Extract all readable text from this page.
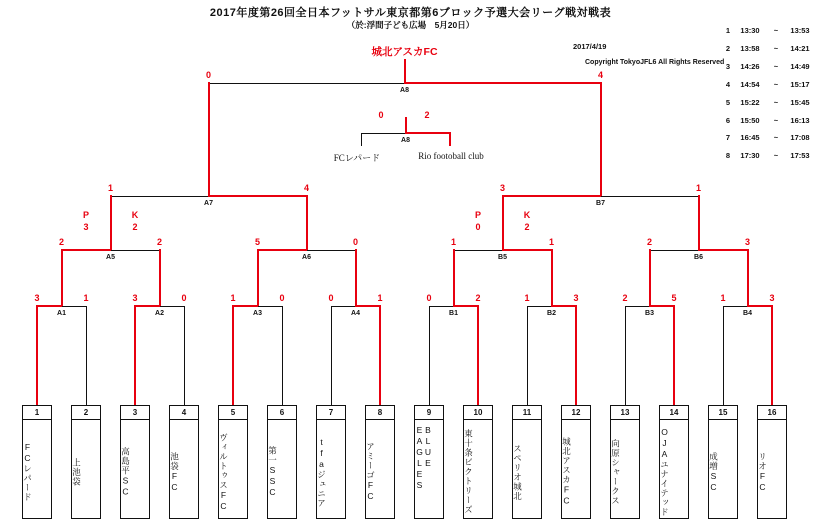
2017年度第26回全日本フットサル東京都第6ブロック予選大会リーグ戦対戦表
（於:浮間子ども広場　5月20日）
城北アスカFC	2017/4/19
Copyright TokyoJFL6 All Rights Reserved
1 13:30 ~ 13:53
2 13:58 ~ 14:21
3 14:26 ~ 14:49
4 14:54 ~ 15:17
5 15:22 ~ 15:45
6 15:50 ~ 16:13
7 16:45 ~ 17:08
8 17:30 ~ 17:53
3	1
A1
3	0
A2
1	0
A3
0	1
A4
0	2
B1
1	3
B2
2	5
B3
1	3
B4
2	2
A5
P
3
K
2
5	0
A6
1	1
B5
P
0
K
2
2	3
B6
1	4
A7
3	1
B7
0	4
A8
0	2
A8
FCレパード	Rio footoball club
1
FCレパード
2
上池袋
3
高島平SC
4
池袋FC
5
ヴィルトゥスFC
6
第一SSC
7
tfaジュニア
8
アミーゴFC
9
BLUE EAGLES
10
東十条ビクトリーズ
11
スペリオ城北
12
城北アスカFC
13
向原シャークス
14
OJAユナイテッド
15
成増SC
16
リオFC
